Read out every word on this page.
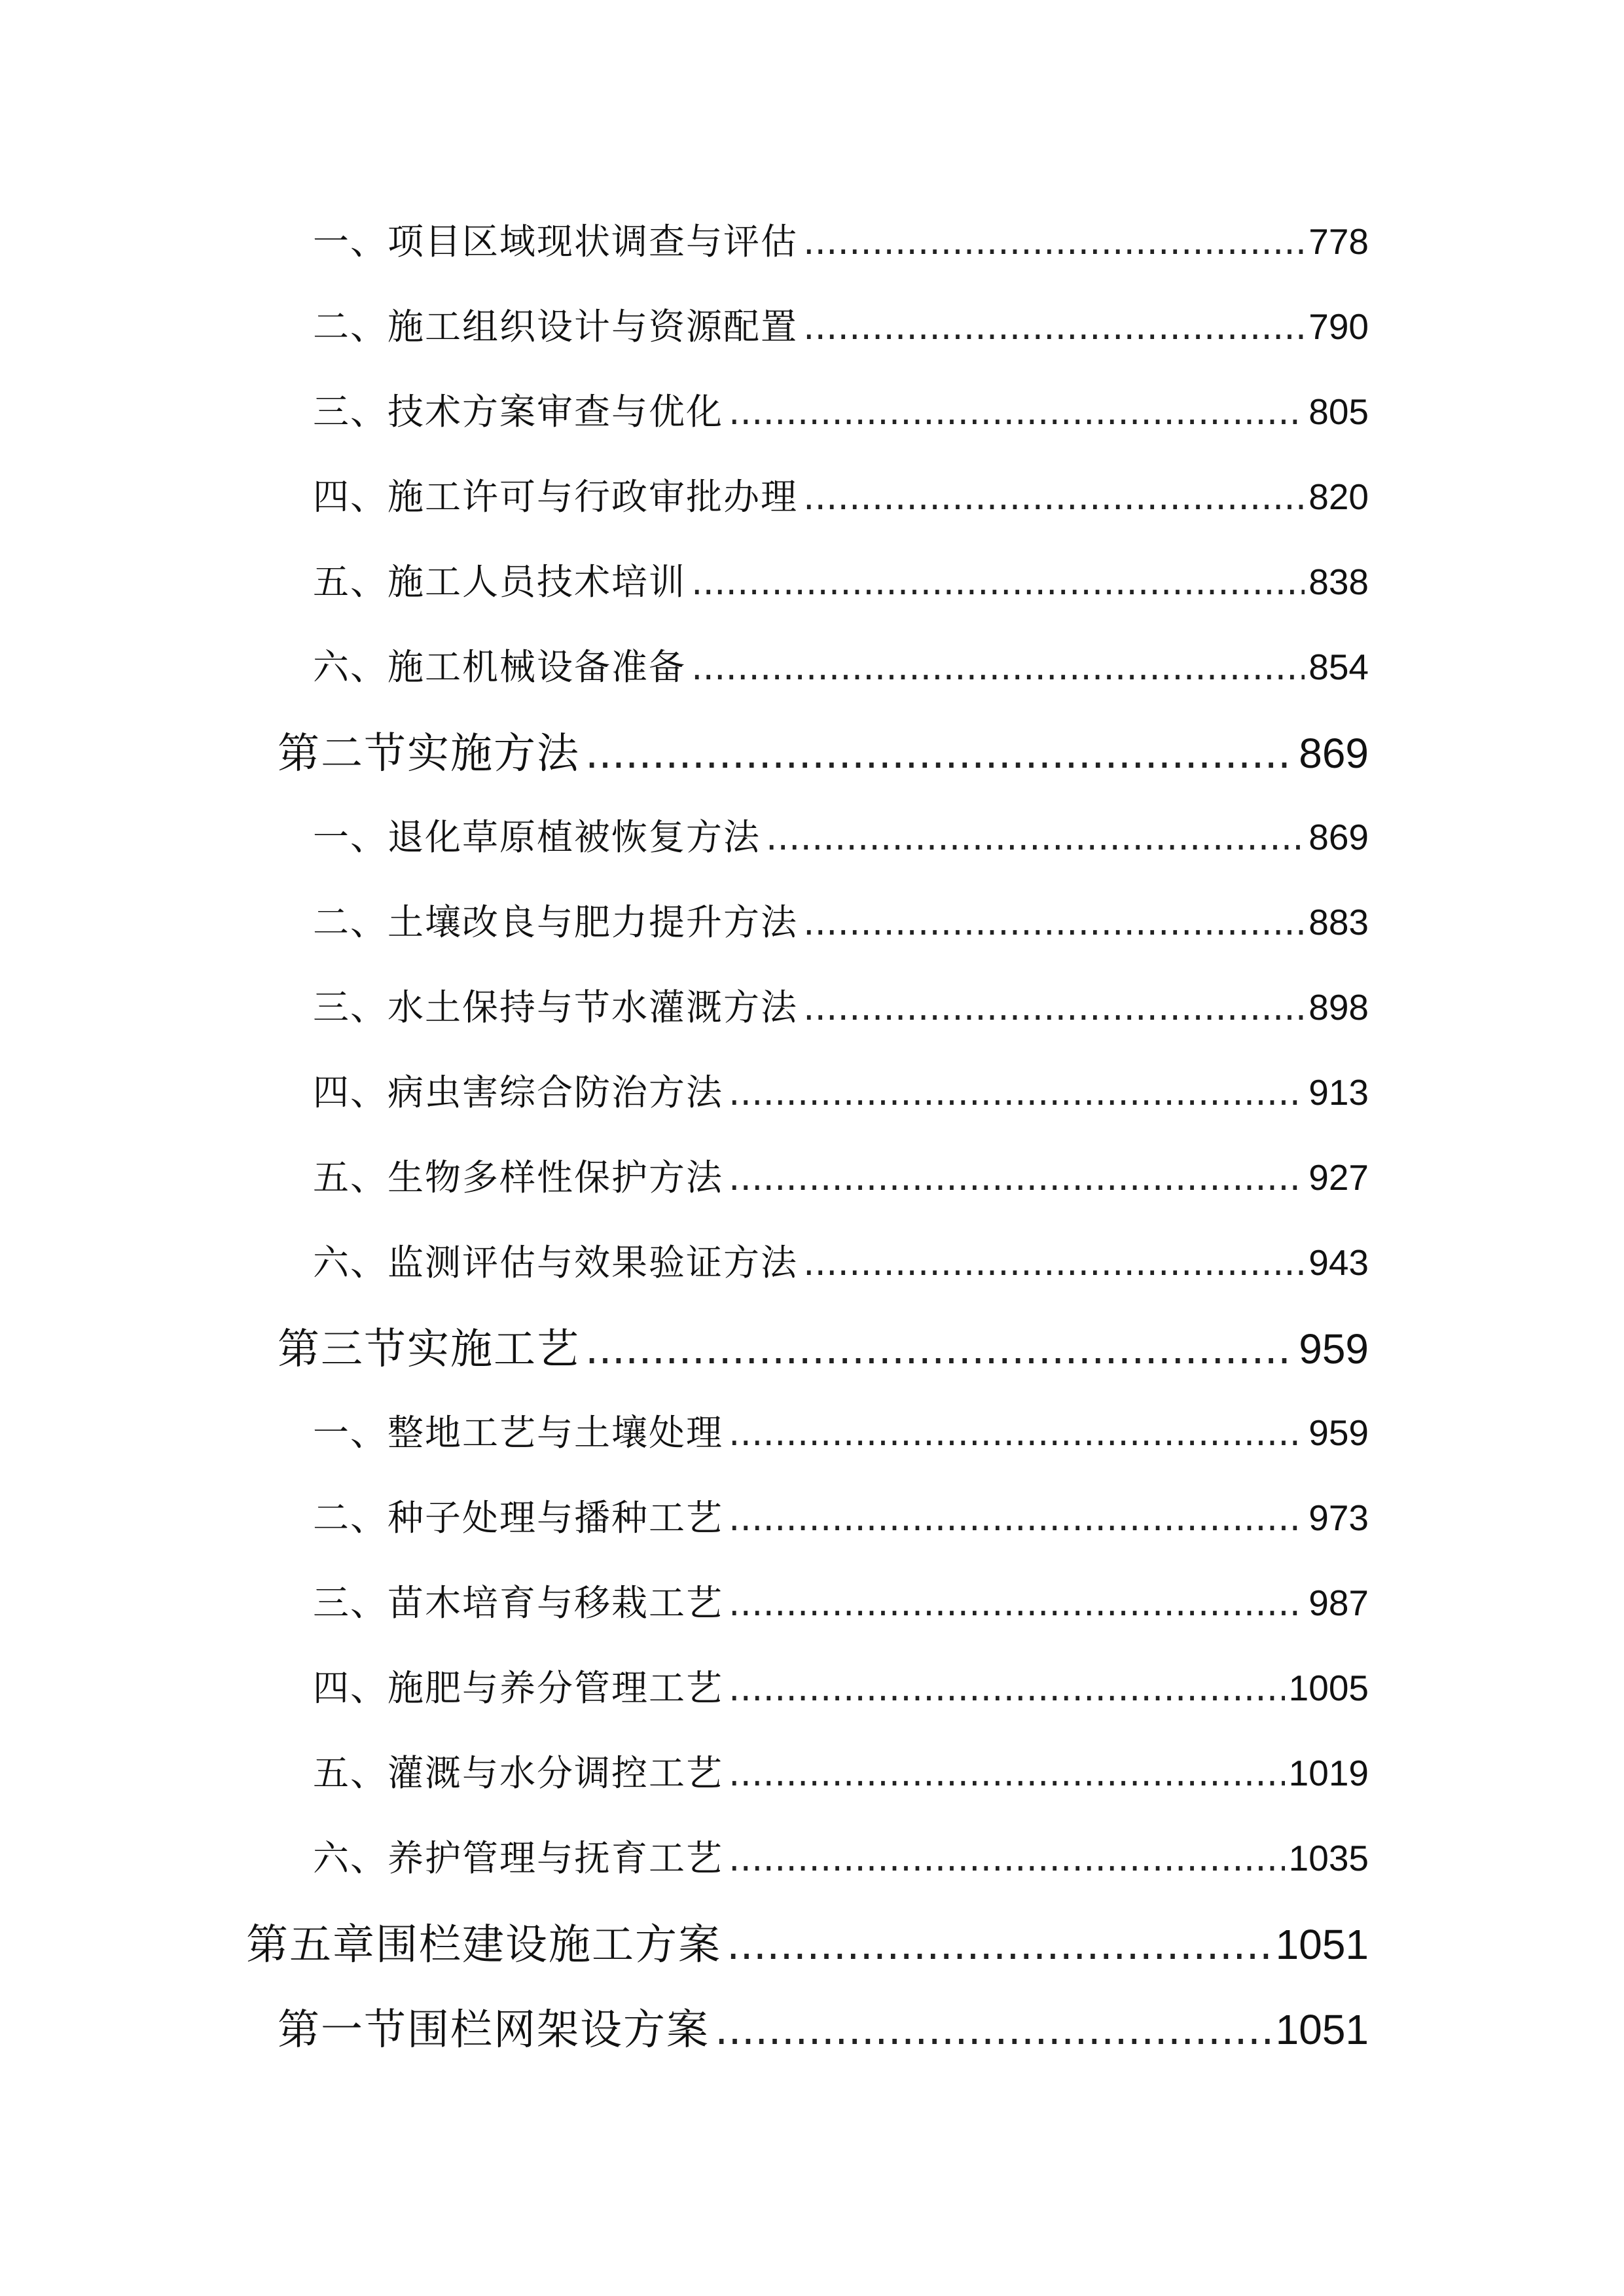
一、项目区域现状调查与评估 .....	778
二、施工组织设计与资源配置 .....	790
三、技术方案审查与优化 .....	805
四、施工许可与行政审批办理 .....	820
五、施工人员技术培训 .....	838
六、施工机械设备准备 .....	854
第二节实施方法 .....	869
一、退化草原植被恢复方法 .....	869
二、土壤改良与肥力提升方法 .....	883
三、水土保持与节水灌溉方法 .....	898
四、病虫害综合防治方法 .....	913
五、生物多样性保护方法 .....	927
六、监测评估与效果验证方法 .....	943
第三节实施工艺 .....	959
一、整地工艺与土壤处理 .....	959
二、种子处理与播种工艺 .....	973
三、苗木培育与移栽工艺 .....	987
四、施肥与养分管理工艺 .....	1005
五、灌溉与水分调控工艺 .....	1019
六、养护管理与抚育工艺 .....	1035
第五章围栏建设施工方案 .....	1051
第一节围栏网架设方案 .....	1051
